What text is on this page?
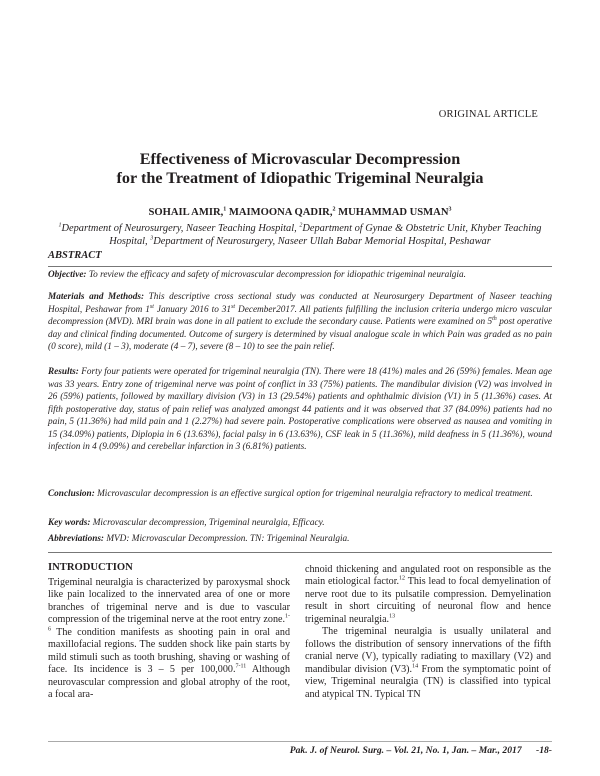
ORIGINAL ARTICLE
Effectiveness of Microvascular Decompression
for the Treatment of Idiopathic Trigeminal Neuralgia
SOHAIL AMIR,$^1$ MAIMOONA QADIR,$^2$ MUHAMMAD USMAN$^3$
$^1$Department of Neurosurgery, Naseer Teaching Hospital, $^2$Department of Gynae & Obstetric Unit, Khyber Teaching Hospital, $^3$Department of Neurosurgery, Naseer Ullah Babar Memorial Hospital, Peshawar
ABSTRACT
Objective: To review the efficacy and safety of microvascular decompression for idiopathic trigeminal neuralgia.
Materials and Methods: This descriptive cross sectional study was conducted at Neurosurgery Department of Naseer teaching Hospital, Peshawar from 1st January 2016 to 31st December2017. All patients fulfilling the inclusion criteria undergo micro vascular decompression (MVD). MRI brain was done in all patient to exclude the secondary cause. Patients were examined on 5th post operative day and clinical finding documented. Outcome of surgery is determined by visual analogue scale in which Pain was graded as no pain (0 score), mild (1 – 3), moderate (4 – 7), severe (8 – 10) to see the pain relief.
Results: Forty four patients were operated for trigeminal neuralgia (TN). There were 18 (41%) males and 26 (59%) females. Mean age was 33 years. Entry zone of trigeminal nerve was point of conflict in 33 (75%) patients. The mandibular division (V2) was involved in 26 (59%) patients, followed by maxillary division (V3) in 13 (29.54%) patients and ophthalmic division (V1) in 5 (11.36%) cases. At fifth postoperative day, status of pain relief was analyzed amongst 44 patients and it was observed that 37 (84.09%) patients had no pain, 5 (11.36%) had mild pain and 1 (2.27%) had severe pain. Postoperative complications were observed as nausea and vomiting in 15 (34.09%) patients, Diplopia in 6 (13.63%), facial palsy in 6 (13.63%), CSF leak in 5 (11.36%), mild deafness in 5 (11.36%), wound infection in 4 (9.09%) and cerebellar infarction in 3 (6.81%) patients.
Conclusion: Microvascular decompression is an effective surgical option for trigeminal neuralgia refractory to medical treatment.
Key words: Microvascular decompression, Trigeminal neuralgia, Efficacy.
Abbreviations: MVD: Microvascular Decompression. TN: Trigeminal Neuralgia.
INTRODUCTION
Trigeminal neuralgia is characterized by paroxysmal shock like pain localized to the innervated area of one or more branches of trigeminal nerve and is due to vascular compression of the trigeminal nerve at the root entry zone.$^{1-6}$ The condition manifests as shooting pain in oral and maxillofacial regions. The sudden shock like pain starts by mild stimuli such as tooth brushing, shaving or washing of face. Its incidence is 3 – 5 per 100,000.$^{7-11}$ Although neurovascular compression and global atrophy of the root, a focal ara-
chnoid thickening and angulated root on responsible as the main etiological factor.$^{12}$ This lead to focal demyelination of nerve root due to its pulsatile compression. Demyelination result in short circuiting of neuronal flow and hence trigeminal neuralgia.$^{13}$
The trigeminal neuralgia is usually unilateral and follows the distribution of sensory innervations of the fifth cranial nerve (V), typically radiating to maxillary (V2) and mandibular division (V3).$^{14}$ From the symptomatic point of view, Trigeminal neuralgia (TN) is classified into typical and atypical TN. Typical TN
Pak. J. of Neurol. Surg. – Vol. 21, No. 1, Jan. – Mar., 2017 -18-
